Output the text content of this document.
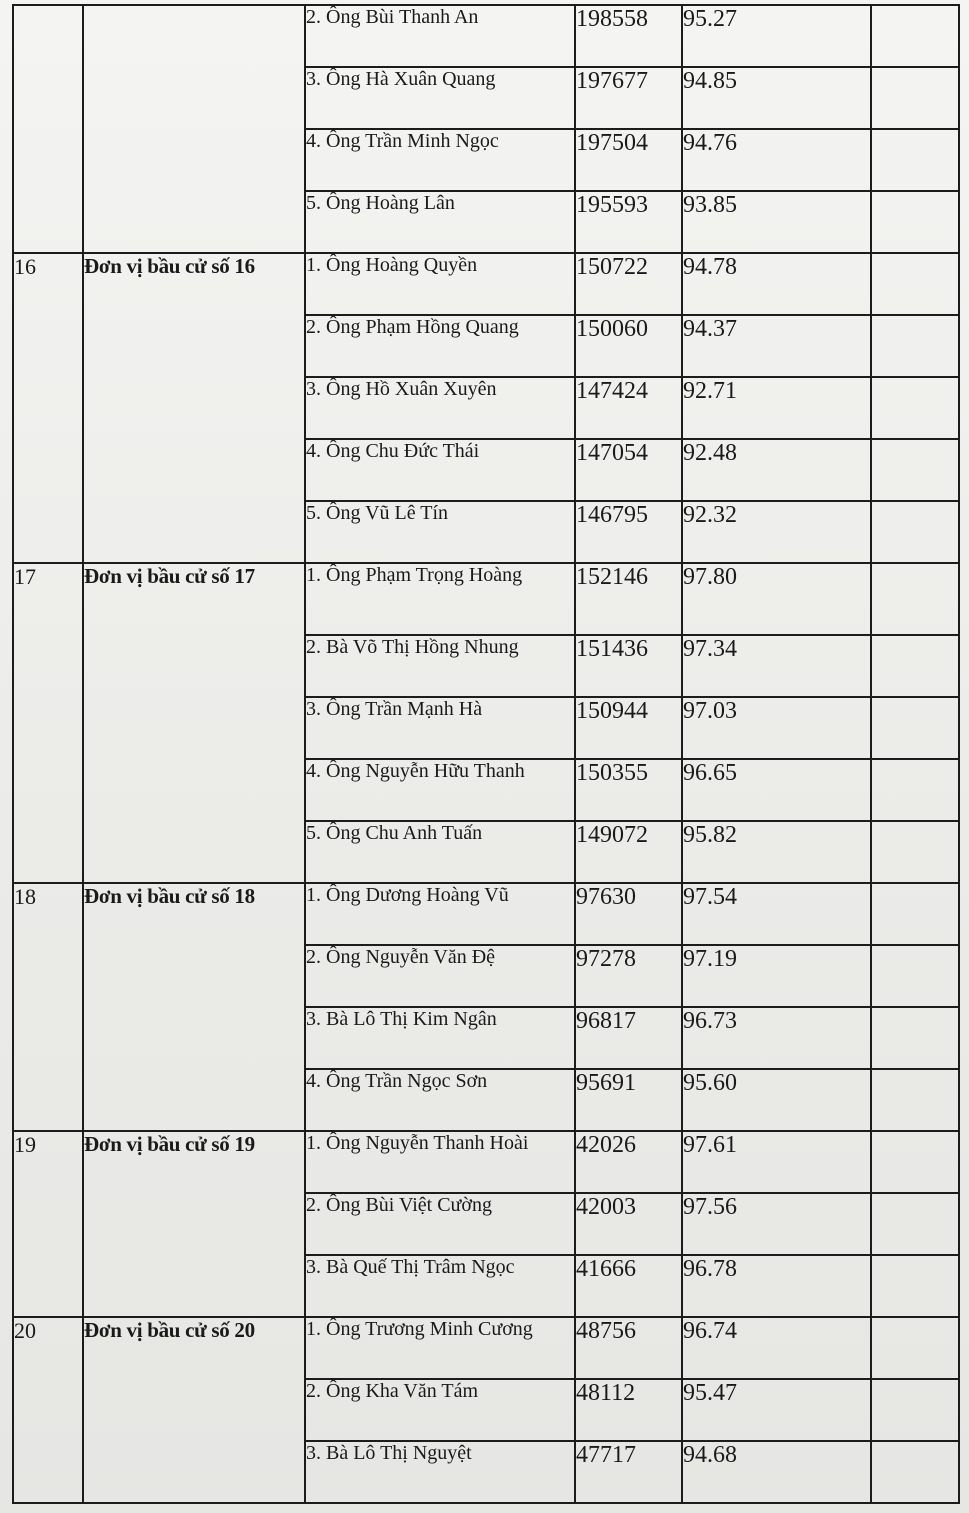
		2. Ông Bùi Thanh An	198558	95.27	
		3. Ông Hà Xuân Quang	197677	94.85	
		4. Ông Trần Minh Ngọc	197504	94.76	
		5. Ông Hoàng Lân	195593	93.85	
16	Đơn vị bầu cử số 16	1. Ông Hoàng Quyền	150722	94.78	
		2. Ông Phạm Hồng Quang	150060	94.37	
		3. Ông Hồ Xuân Xuyên	147424	92.71	
		4. Ông Chu Đức Thái	147054	92.48	
		5. Ông Vũ Lê Tín	146795	92.32	
17	Đơn vị bầu cử số 17	1. Ông Phạm Trọng Hoàng	152146	97.80	
		2. Bà Võ Thị Hồng Nhung	151436	97.34	
		3. Ông Trần Mạnh Hà	150944	97.03	
		4. Ông Nguyễn Hữu Thanh	150355	96.65	
		5. Ông Chu Anh Tuấn	149072	95.82	
18	Đơn vị bầu cử số 18	1. Ông Dương Hoàng Vũ	97630	97.54	
		2. Ông Nguyễn Văn Đệ	97278	97.19	
		3. Bà Lô Thị Kim Ngân	96817	96.73	
		4. Ông Trần Ngọc Sơn	95691	95.60	
19	Đơn vị bầu cử số 19	1. Ông Nguyễn Thanh Hoài	42026	97.61	
		2. Ông Bùi Việt Cường	42003	97.56	
		3. Bà Quế Thị Trâm Ngọc	41666	96.78	
20	Đơn vị bầu cử số 20	1. Ông Trương Minh Cương	48756	96.74	
		2. Ông Kha Văn Tám	48112	95.47	
		3. Bà Lô Thị Nguyệt	47717	94.68	
